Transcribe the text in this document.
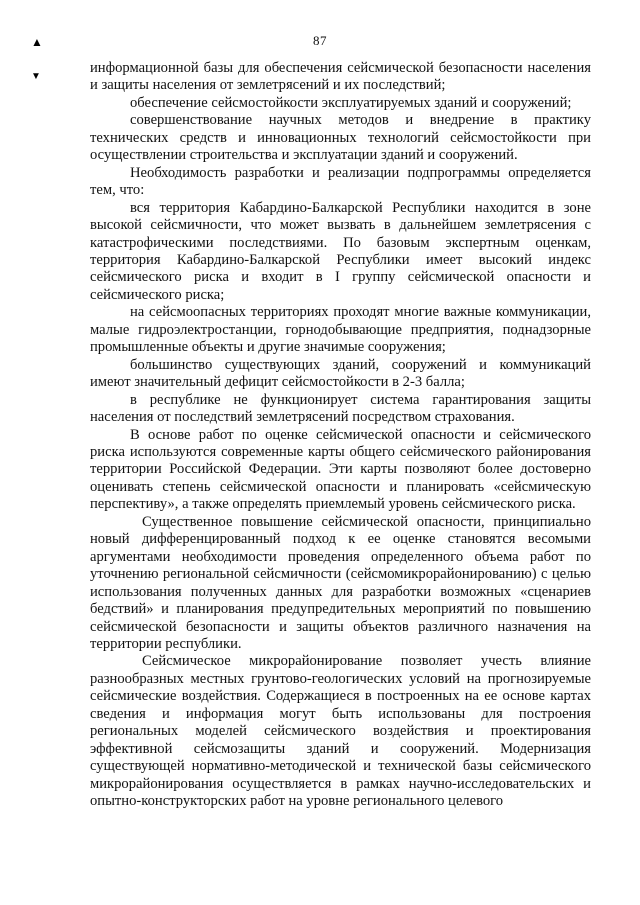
▲
▼
87

информационной базы для обеспечения сейсмической безопасности населения и защиты населения от землетрясений и их последствий;

обеспечение сейсмостойкости эксплуатируемых зданий и сооружений;

совершенствование научных методов и внедрение в практику технических средств и инновационных технологий сейсмостойкости при осуществлении строительства и эксплуатации зданий и сооружений.

Необходимость разработки и реализации подпрограммы определяется тем, что:

вся территория Кабардино-Балкарской Республики находится в зоне высокой сейсмичности, что может вызвать в дальнейшем землетрясения с катастрофическими последствиями. По базовым экспертным оценкам, территория Кабардино-Балкарской Республики имеет высокий индекс сейсмического риска и входит в I группу сейсмической опасности и сейсмического риска;

на сейсмоопасных территориях проходят многие важные коммуникации, малые гидроэлектростанции, горнодобывающие предприятия, поднадзорные промышленные объекты и другие значимые сооружения;

большинство существующих зданий, сооружений и коммуникаций имеют значительный дефицит сейсмостойкости в 2-3 балла;

в республике не функционирует система гарантирования защиты населения от последствий землетрясений посредством страхования.

В основе работ по оценке сейсмической опасности и сейсмического риска используются современные карты общего сейсмического районирования территории Российской Федерации. Эти карты позволяют более достоверно оценивать степень сейсмической опасности и планировать «сейсмическую перспективу», а также определять приемлемый уровень сейсмического риска.

Существенное повышение сейсмической опасности, принципиально новый дифференцированный подход к ее оценке становятся весомыми аргументами необходимости проведения определенного объема работ по уточнению региональной сейсмичности (сейсмомикрорайонированию) с целью использования полученных данных для разработки возможных «сценариев бедствий» и планирования предупредительных мероприятий по повышению сейсмической безопасности и защиты объектов различного назначения на территории республики.

Сейсмическое микрорайонирование позволяет учесть влияние разнообразных местных грунтово-геологических условий на прогнозируемые сейсмические воздействия. Содержащиеся в построенных на ее основе картах сведения и информация могут быть использованы для построения региональных моделей сейсмического воздействия и проектирования эффективной сейсмозащиты зданий и сооружений. Модернизация существующей нормативно-методической и технической базы сейсмического микрорайонирования осуществляется в рамках научно-исследовательских и опытно-конструкторских работ на уровне регионального целевого
